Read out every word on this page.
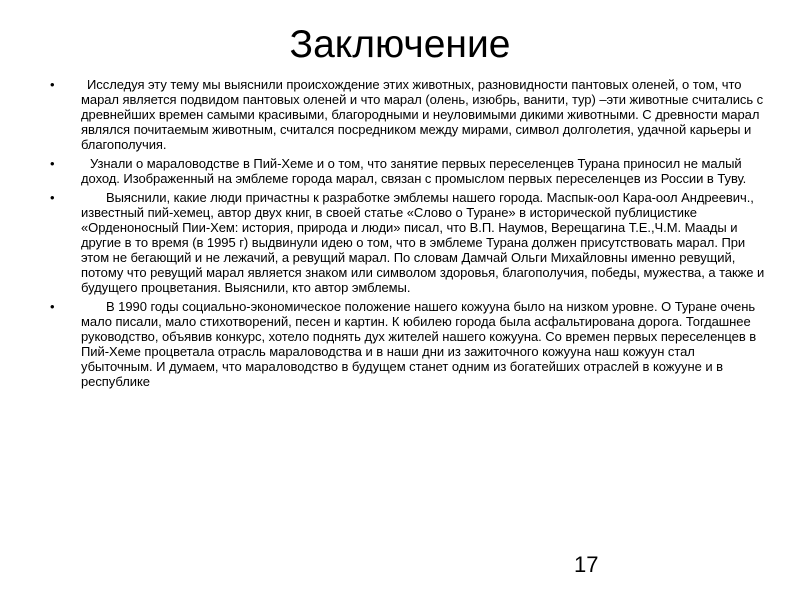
Заключение
•	Исследуя эту тему мы выяснили происхождение этих животных, разновидности пантовых оленей, о том, что марал является подвидом пантовых оленей и что марал (олень, изюбрь, ванити, тур) –эти животные считались с древнейших времен самыми красивыми, благородными и неуловимыми дикими животными. С древности марал являлся почитаемым животным, считался посредником между мирами, символ долголетия, удачной карьеры и благополучия.
•	Узнали о мараловодстве в Пий-Хеме и о том, что занятие первых переселенцев Турана приносил не малый доход. Изображенный на эмблеме города марал, связан с промыслом первых переселенцев из России в Туву.
•	Выяснили, какие люди причастны к разработке эмблемы нашего города. Маспык-оол Кара-оол Андреевич., известный пий-хемец, автор двух книг, в своей статье «Слово о Туране» в исторической публицистике «Орденоносный Пии-Хем: история, природа и люди» писал, что В.П. Наумов, Верещагина Т.Е.,Ч.М. Маады и другие в то время (в 1995 г) выдвинули идею о том, что в эмблеме Турана должен присутствовать марал. При этом не бегающий и не лежачий, а ревущий марал. По словам Дамчай Ольги Михайловны именно ревущий, потому что ревущий марал является знаком или символом здоровья, благополучия, победы, мужества, а также и будущего процветания. Выяснили, кто автор эмблемы.
•	В 1990 годы социально-экономическое положение нашего кожууна было на низком уровне. О Туране очень мало писали, мало стихотворений, песен и картин. К юбилею города была асфальтирована дорога. Тогдашнее руководство, объявив конкурс, хотело поднять дух жителей нашего кожууна. Со времен первых переселенцев в Пий-Хеме процветала отрасль мараловодства и в наши дни из зажиточного кожууна наш кожуун стал убыточным. И думаем, что мараловодство в будущем станет одним из богатейших отраслей в кожууне и в республике
17
